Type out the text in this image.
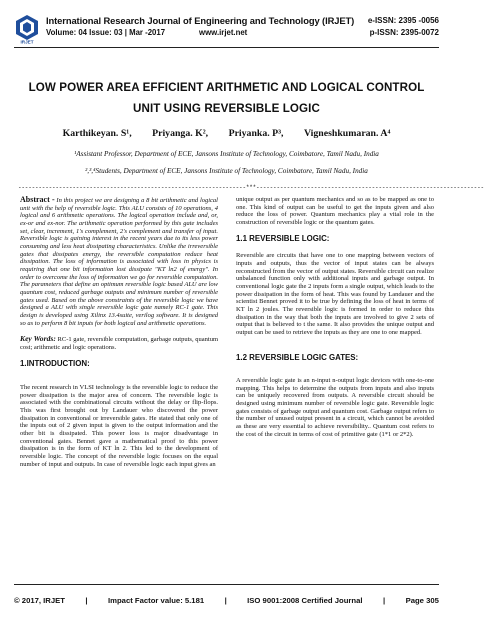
IRJET
International Research Journal of Engineering and Technology (IRJET)
Volume: 04 Issue: 03 | Mar -2017	www.irjet.net
e-ISSN: 2395 -0056
p-ISSN: 2395-0072
LOW POWER AREA EFFICIENT ARITHMETIC AND LOGICAL CONTROL
UNIT USING REVERSIBLE LOGIC
Karthikeyan. S¹, Priyanga. K², Priyanka. P³, Vigneshkumaran. A⁴
¹Assistant Professor, Department of ECE, Jansons Institute of Technology, Coimbatore, Tamil Nadu, India
²,³,⁴Students, Department of ECE, Jansons Institute of Technology, Coimbatore, Tamil Nadu, India
-------------------------------------------------------------------***-------------------------------------------------------------------

Abstract - In this project we are designing a 8 bit arithmetic and logical unit with the help of reversible logic. This ALU consists of 10 operations, 4 logical and 6 arithmetic operations. The logical operation include and, or, ex-or and ex-nor. The arithmetic operation performed by this gate includes set, clear, increment, 1's complement, 2's complement and transfer of input. Reversible logic is gaining interest in the recent years due to its less power consuming and less heat dissipating characteristics. Unlike the irreversible gates that dissipates energy, the reversible computation reduce heat dissipation. The loss of information is associated with loss in physics is requiring that one bit information lost dissipate "KT ln2 of energy". In order to overcome the loss of information we go for reversible computation. The parameters that define an optimum reversible logic based ALU are low quantum cost, reduced garbage outputs and minimum number of reversible gates used. Based on the above constraints of the reversible logic we have designed a ALU with single reversible logic gate namely RC-1 gate. This design is developed using Xilinx 13.4suite, verilog software. It is designed so as to perform 8 bit inputs for both logical and arithmetic operations.

Key Words: RC-1 gate, reversible computation, garbage outputs, quantum cost; arithmetic and logic operations.

1.INTRODUCTION:

The recent research in VLSI technology is the reversible logic to reduce the power dissipation is the major area of concern. The reversible logic is associated with the combinational circuits without the delay or flip-flops. This was first brought out by Landauer who discovered the power dissipation in conventional or irreversible gates. He stated that only one of the inputs out of 2 given input is given to the output information and the other bit is dissipated. This power loss is major disadvantage in conventional gates. Bennet gave a mathematical proof to this power dissipation is in the form of KT ln 2. This led to the development of reversible logic. The concept of the reversible logic focuses on the equal number of input and outputs. In case of reversible logic each input gives an

unique output as per quantum mechanics and so as to be mapped as one to one. This kind of output can be useful to get the inputs given and also reduce the loss of power. Quantum mechanics play a vital role in the construction of reversible logic or the quantum gates.

1.1 REVERSIBLE LOGIC:

Reversible are circuits that have one to one mapping between vectors of inputs and outputs, thus the vector of input states can be always reconstructed from the vector of output states. Reversible circuit can realize unbalanced function only with additional inputs and garbage output. In conventional logic gate the 2 inputs form a single output, which leads to the power dissipation in the form of heat. This was found by Landauer and the scientist Bennet proved it to be true by defining the loss of heat in terms of KT ln 2 joules. The reversible logic is formed in order to reduce this dissipation in the way that both the inputs are involved to give 2 sets of output that is believed to t the same. It also provides the unique output and output can be used to retrieve the inputs as they are one to one mapped.

1.2 REVERSIBLE LOGIC GATES:

A reversible logic gate is an n-input n-output logic devices with one-to-one mapping. This helps to determine the outputs from inputs and also inputs can be uniquely recovered from outputs. A reversible circuit should be designed using minimum number of reversible logic gate. Reversible logic gates consists of garbage output and quantum cost. Garbage output refers to the number of unused output present in a circuit, which cannot be avoided as these are very essential to achieve reversibility.. Quantum cost refers to the cost of the circuit in terms of cost of primitive gate (1*1 or 2*2).

© 2017, IRJET	|	Impact Factor value: 5.181	|	ISO 9001:2008 Certified Journal	|	Page 305
